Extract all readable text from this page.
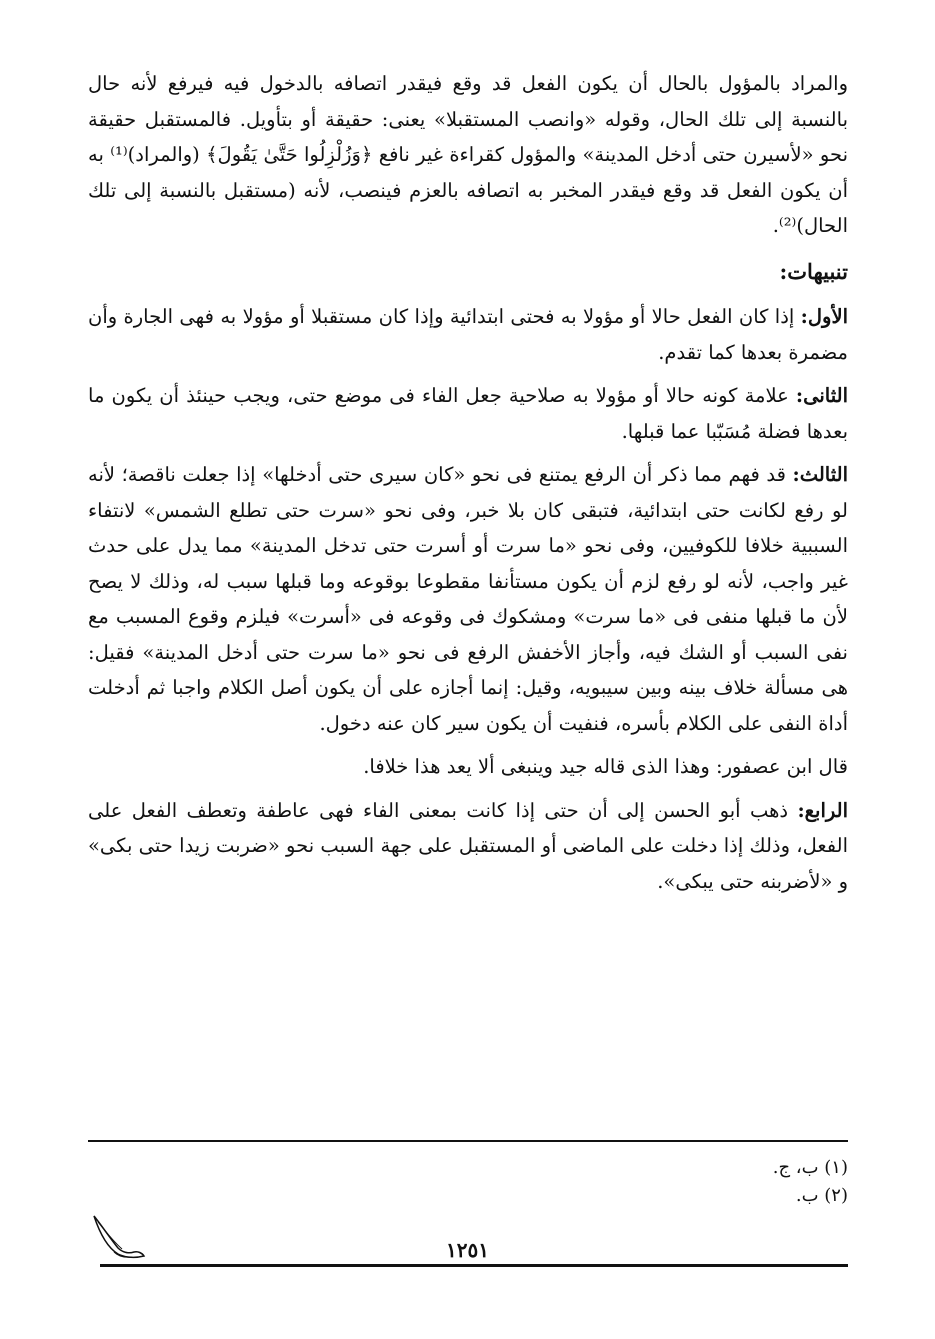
والمراد بالمؤول بالحال أن يكون الفعل قد وقع فيقدر اتصافه بالدخول فيه فيرفع لأنه حال بالنسبة إلى تلك الحال، وقوله «وانصب المستقبلا» يعنى: حقيقة أو بتأويل. فالمستقبل حقيقة نحو «لأسيرن حتى أدخل المدينة» والمؤول كقراءة غير نافع ﴿وَزُلْزِلُوا حَتَّىٰ يَقُولَ﴾ (والمراد)⁽¹⁾ به أن يكون الفعل قد وقع فيقدر المخبر به اتصافه بالعزم فينصب، لأنه (مستقبل بالنسبة إلى تلك الحال)⁽²⁾.

تنبيهات:

الأول: إذا كان الفعل حالا أو مؤولا به فحتى ابتدائية وإذا كان مستقبلا أو مؤولا به فهى الجارة وأن مضمرة بعدها كما تقدم.

الثانى: علامة كونه حالا أو مؤولا به صلاحية جعل الفاء فى موضع حتى، ويجب حينئذ أن يكون ما بعدها فضلة مُسَبّبا عما قبلها.

الثالث: قد فهم مما ذكر أن الرفع يمتنع فى نحو «كان سيرى حتى أدخلها» إذا جعلت ناقصة؛ لأنه لو رفع لكانت حتى ابتدائية، فتبقى كان بلا خبر، وفى نحو «سرت حتى تطلع الشمس» لانتفاء السببية خلافا للكوفيين، وفى نحو «ما سرت أو أسرت حتى تدخل المدينة» مما يدل على حدث غير واجب، لأنه لو رفع لزم أن يكون مستأنفا مقطوعا بوقوعه وما قبلها سبب له، وذلك لا يصح لأن ما قبلها منفى فى «ما سرت» ومشكوك فى وقوعه فى «أسرت» فيلزم وقوع المسبب مع نفى السبب أو الشك فيه، وأجاز الأخفش الرفع فى نحو «ما سرت حتى أدخل المدينة» فقيل: هى مسألة خلاف بينه وبين سيبويه، وقيل: إنما أجازه على أن يكون أصل الكلام واجبا ثم أدخلت أداة النفى على الكلام بأسره، فنفيت أن يكون سير كان عنه دخول.

قال ابن عصفور: وهذا الذى قاله جيد وينبغى ألا يعد هذا خلافا.

الرابع: ذهب أبو الحسن إلى أن حتى إذا كانت بمعنى الفاء فهى عاطفة وتعطف الفعل على الفعل، وذلك إذا دخلت على الماضى أو المستقبل على جهة السبب نحو «ضربت زيدا حتى بكى» و «لأضربنه حتى يبكى».

(١) ب، ج.

(٢) ب.

١٢٥١
